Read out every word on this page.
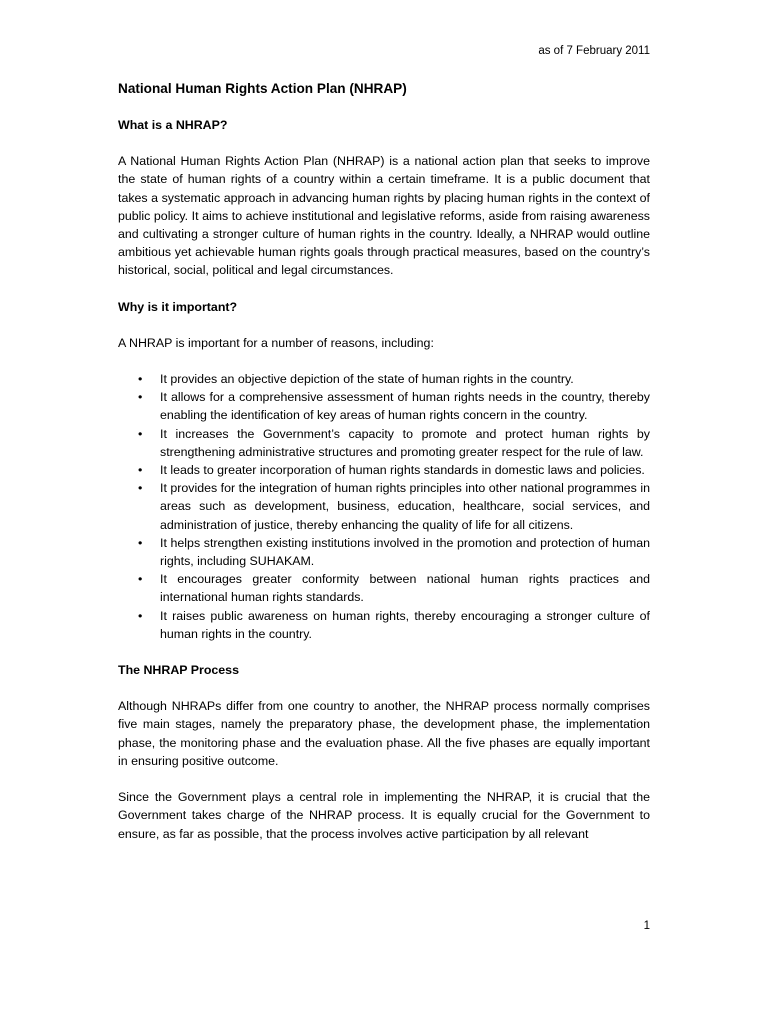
as of 7 February 2011
National Human Rights Action Plan (NHRAP)
What is a NHRAP?
A National Human Rights Action Plan (NHRAP) is a national action plan that seeks to improve the state of human rights of a country within a certain timeframe. It is a public document that takes a systematic approach in advancing human rights by placing human rights in the context of public policy. It aims to achieve institutional and legislative reforms, aside from raising awareness and cultivating a stronger culture of human rights in the country. Ideally, a NHRAP would outline ambitious yet achievable human rights goals through practical measures, based on the country’s historical, social, political and legal circumstances.
Why is it important?
A NHRAP is important for a number of reasons, including:
• It provides an objective depiction of the state of human rights in the country.
• It allows for a comprehensive assessment of human rights needs in the country, thereby enabling the identification of key areas of human rights concern in the country.
• It increases the Government’s capacity to promote and protect human rights by strengthening administrative structures and promoting greater respect for the rule of law.
• It leads to greater incorporation of human rights standards in domestic laws and policies.
• It provides for the integration of human rights principles into other national programmes in areas such as development, business, education, healthcare, social services, and administration of justice, thereby enhancing the quality of life for all citizens.
• It helps strengthen existing institutions involved in the promotion and protection of human rights, including SUHAKAM.
• It encourages greater conformity between national human rights practices and international human rights standards.
• It raises public awareness on human rights, thereby encouraging a stronger culture of human rights in the country.
The NHRAP Process
Although NHRAPs differ from one country to another, the NHRAP process normally comprises five main stages, namely the preparatory phase, the development phase, the implementation phase, the monitoring phase and the evaluation phase. All the five phases are equally important in ensuring positive outcome.
Since the Government plays a central role in implementing the NHRAP, it is crucial that the Government takes charge of the NHRAP process. It is equally crucial for the Government to ensure, as far as possible, that the process involves active participation by all relevant
1
